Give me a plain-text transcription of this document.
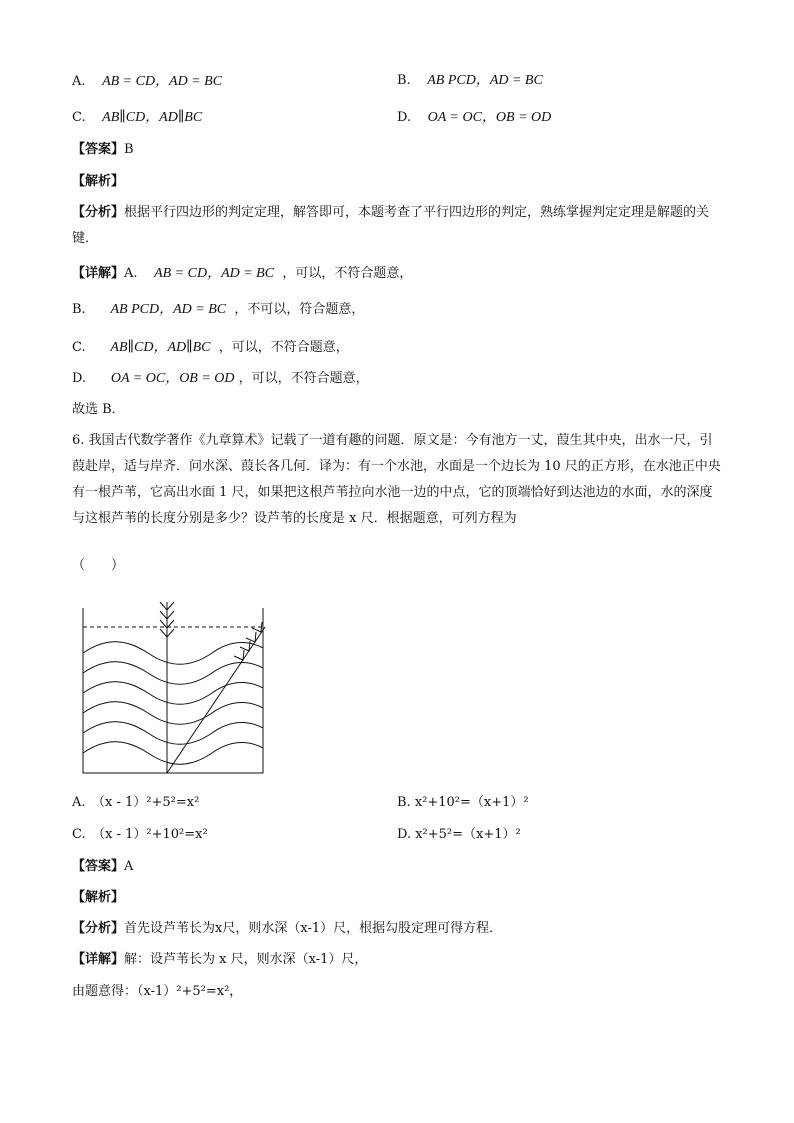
A. AB = CD，AD = BC	B. AB ΡCD，AD = BC
C. AB∥CD，AD∥BC	D. OA = OC，OB = OD
【答案】B
【解析】
【分析】根据平行四边形的判定定理，解答即可，本题考查了平行四边形的判定，熟练掌握判定定理是解题的关键．
【详解】A. AB = CD，AD = BC ，可以，不符合题意，
B. AB ΡCD，AD = BC ，不可以，符合题意，
C. AB∥CD，AD∥BC ，可以，不符合题意，
D. OA = OC，OB = OD ，可以，不符合题意，
故选 B．
6. 我国古代数学著作《九章算术》记载了一道有趣的问题．原文是：今有池方一丈，葭生其中央，出水一尺，引葭赴岸，适与岸齐．问水深、葭长各几何．译为：有一个水池，水面是一个边长为 10 尺的正方形，在水池正中央有一根芦苇，它高出水面 1 尺，如果把这根芦苇拉向水池一边的中点，它的顶端恰好到达池边的水面，水的深度与这根芦苇的长度分别是多少？设芦苇的长度是 x 尺．根据题意，可列方程为
（　　）
A.　（x - 1）²+5²=x²	B. x²+10²=（x+1）²
C.　（x - 1）²+10²=x²	D. x²+5²=（x+1）²
【答案】A
【解析】
【分析】首先设芦苇长为x尺，则水深（x-1）尺，根据勾股定理可得方程．
【详解】解：设芦苇长为 x 尺，则水深（x-1）尺，
由题意得：（x-1）²+5²=x²，
